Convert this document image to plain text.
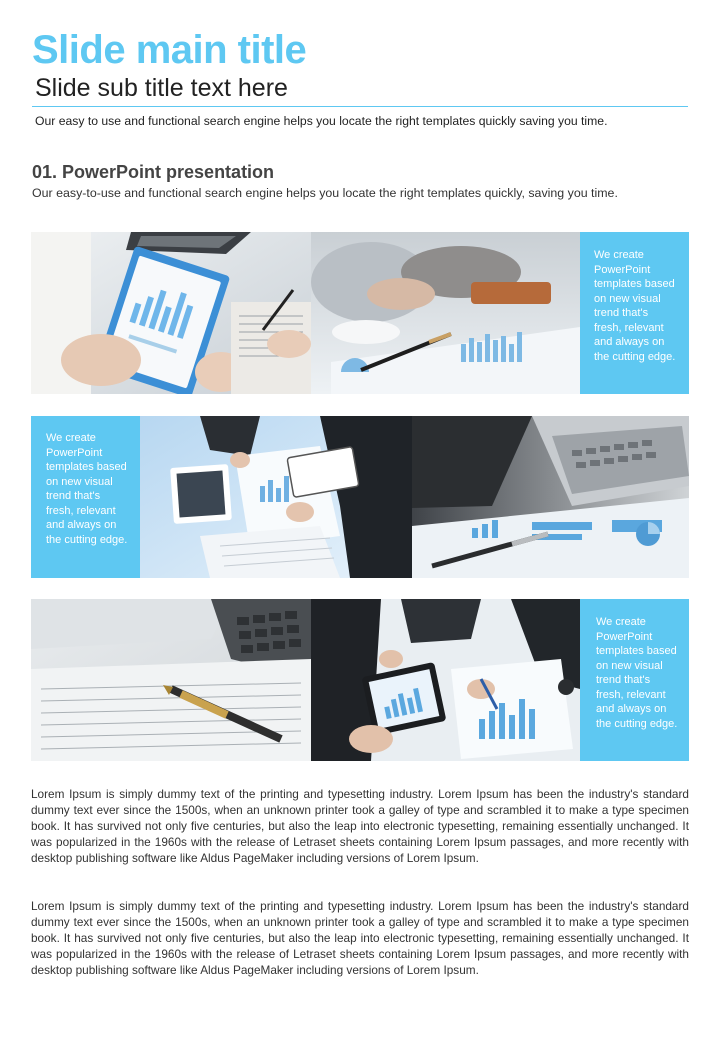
Slide main title
Slide sub title text here
Our easy to use and functional search engine helps you locate the right templates quickly saving you time.
01. PowerPoint presentation
Our easy-to-use and functional search engine helps you locate the right templates quickly, saving you time.

We create PowerPoint templates based on new visual trend that's fresh, relevant and always on the cutting edge.

We create PowerPoint templates based on new visual trend that's fresh, relevant and always on the cutting edge.

We create PowerPoint templates based on new visual trend that's fresh, relevant and always on the cutting edge.

Lorem Ipsum is simply dummy text of the printing and typesetting industry. Lorem Ipsum has been the industry's standard dummy text ever since the 1500s, when an unknown printer took a galley of type and scrambled it to make a type specimen book. It has survived not only five centuries, but also the leap into electronic typesetting, remaining essentially unchanged. It was popularized in the 1960s with the release of Letraset sheets containing Lorem Ipsum passages, and more recently with desktop publishing software like Aldus PageMaker including versions of Lorem Ipsum.
Lorem Ipsum is simply dummy text of the printing and typesetting industry. Lorem Ipsum has been the industry's standard dummy text ever since the 1500s, when an unknown printer took a galley of type and scrambled it to make a type specimen book. It has survived not only five centuries, but also the leap into electronic typesetting, remaining essentially unchanged. It was popularized in the 1960s with the release of Letraset sheets containing Lorem Ipsum passages, and more recently with desktop publishing software like Aldus PageMaker including versions of Lorem Ipsum.
